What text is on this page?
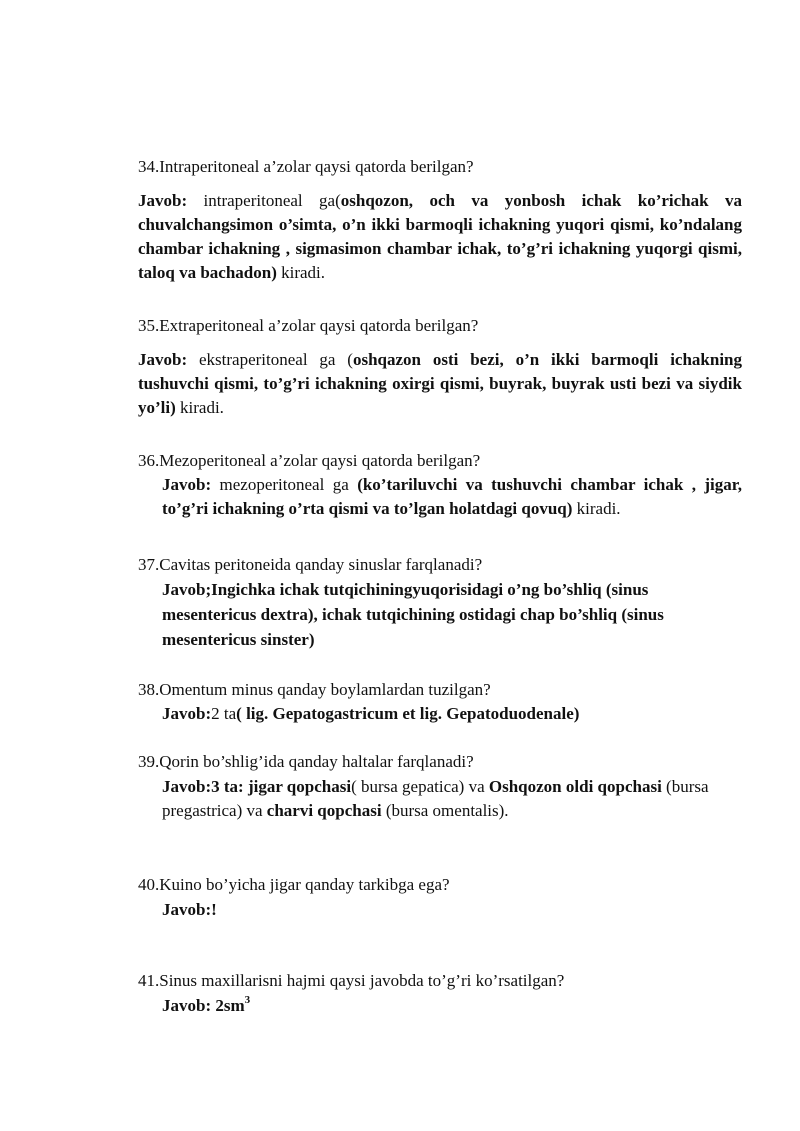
34.Intraperitoneal a’zolar qaysi qatorda berilgan?
Javob: intraperitoneal ga(oshqozon, och va yonbosh ichak ko’richak va chuvalchangsimon o’simta, o’n ikki barmoqli ichakning yuqori qismi, ko’ndalang chambar ichakning , sigmasimon chambar ichak, to’g’ri ichakning yuqorgi qismi, taloq va bachadon) kiradi.
35.Extraperitoneal a’zolar qaysi qatorda berilgan?
Javob: ekstraperitoneal ga (oshqazon osti bezi, o’n ikki barmoqli ichakning tushuvchi qismi, to’g’ri ichakning oxirgi qismi, buyrak, buyrak usti bezi va siydik yo’li) kiradi.
36.Mezoperitoneal a’zolar qaysi qatorda berilgan?
Javob: mezoperitoneal ga (ko’tariluvchi va tushuvchi chambar ichak , jigar, to’g’ri ichakning o’rta qismi va to’lgan holatdagi qovuq) kiradi.
37.Cavitas peritoneida qanday sinuslar farqlanadi?
Javob;Ingichka ichak tutqichiningyuqorisidagi o’ng bo’shliq (sinus mesentericus dextra), ichak tutqichining ostidagi chap bo’shliq (sinus mesentericus sinster)
38.Omentum minus qanday boylamlardan tuzilgan?
Javob:2 ta( lig. Gepatogastricum et lig. Gepatoduodenale)
39.Qorin bo’shlig’ida qanday haltalar farqlanadi?
Javob:3 ta: jigar qopchasi( bursa gepatica) va Oshqozon oldi qopchasi (bursa pregastrica) va charvi qopchasi (bursa omentalis).
40.Kuino bo’yicha jigar qanday tarkibga ega?
Javob:!
41.Sinus maxillarisni hajmi qaysi javobda to’g’ri ko’rsatilgan?
Javob: $2sm^3$
